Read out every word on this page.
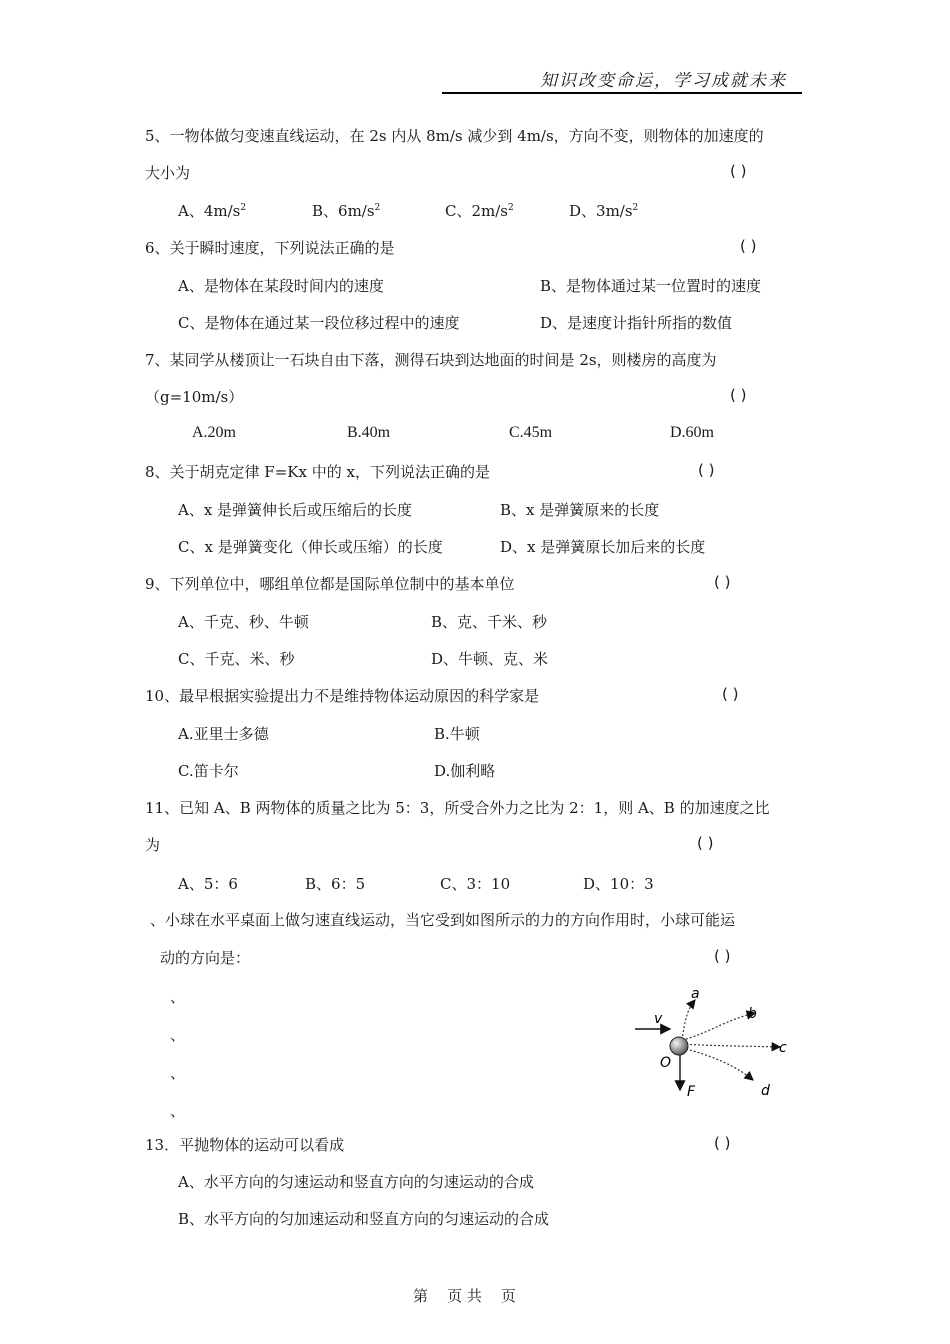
知识改变命运，学习成就未来
5、一物体做匀变速直线运动，在 2s 内从 8m/s 减少到 4m/s，方向不变，则物体的加速度的
大小为	( )
A、$4m/s^2$	B、$6m/s^2$	C、$2m/s^2$	D、$3m/s^2$
6、关于瞬时速度，下列说法正确的是	( )
A、是物体在某段时间内的速度	B、是物体通过某一位置时的速度
C、是物体在通过某一段位移过程中的速度	D、是速度计指针所指的数值
7、某同学从楼顶让一石块自由下落，测得石块到达地面的时间是 2s，则楼房的高度为
（g=10m/s）	( )
A.20m	B.40m	C.45m	D.60m
8、关于胡克定律 F=Kx 中的 x，下列说法正确的是	( )
A、x 是弹簧伸长后或压缩后的长度	B、x 是弹簧原来的长度
C、x 是弹簧变化（伸长或压缩）的长度	D、x 是弹簧原长加后来的长度
9、下列单位中，哪组单位都是国际单位制中的基本单位	( )
A、千克、秒、牛顿	B、克、千米、秒
C、千克、米、秒	D、牛顿、克、米
10、最早根据实验提出力不是维持物体运动原因的科学家是	( )
A.亚里士多德	B.牛顿
C.笛卡尔	D.伽利略
11、已知 A、B 两物体的质量之比为 5：3，所受合外力之比为 2：1，则 A、B 的加速度之比
为	( )
A、5：6	B、6：5	C、3：10	D、10：3
、小球在水平桌面上做匀速直线运动，当它受到如图所示的力的方向作用时，小球可能运
动的方向是：	( )
、
、
、
、
v
a
b
c
d
O
F
13．平抛物体的运动可以看成	( )
A、水平方向的匀速运动和竖直方向的匀速运动的合成
B、水平方向的匀加速运动和竖直方向的匀速运动的合成
第    页 共    页
